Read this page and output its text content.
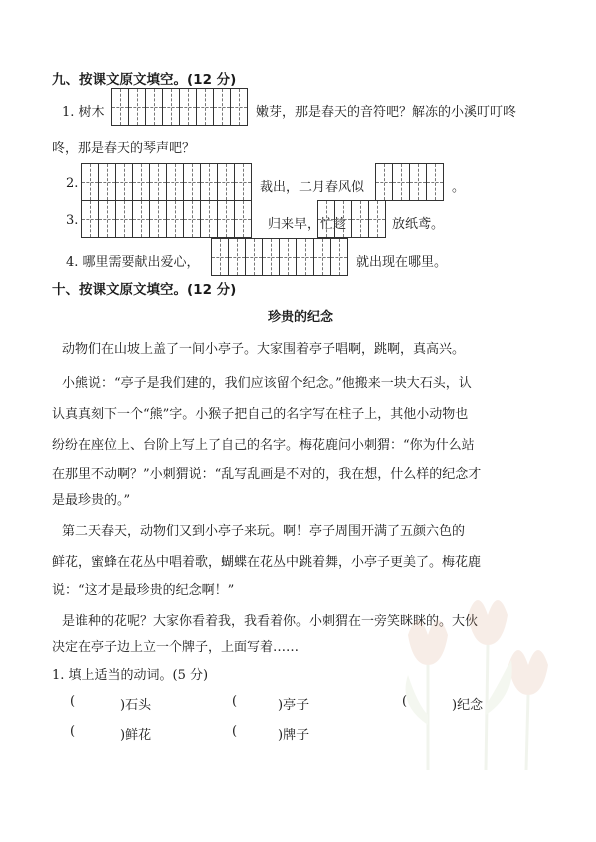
九、按课文原文填空。(12 分)
1. 树木	嫩芽，那是春天的音符吧？解冻的小溪叮叮咚
咚，那是春天的琴声吧？
2.	裁出，二月春风似	。
3.	归来早，忙趁	放纸鸢。
4. 哪里需要献出爱心，	就出现在哪里。
十、按课文原文填空。(12 分)
珍贵的纪念
动物们在山坡上盖了一间小亭子。大家围着亭子唱啊，跳啊，真高兴。
小熊说：“亭子是我们建的，我们应该留个纪念。”他搬来一块大石头，认
认真真刻下一个“熊”字。小猴子把自己的名字写在柱子上，其他小动物也
纷纷在座位上、台阶上写上了自己的名字。梅花鹿问小刺猬：“你为什么站
在那里不动啊？”小刺猬说：“乱写乱画是不对的，我在想，什么样的纪念才
是最珍贵的。”
第二天春天，动物们又到小亭子来玩。啊！亭子周围开满了五颜六色的
鲜花，蜜蜂在花丛中唱着歌，蝴蝶在花丛中跳着舞，小亭子更美了。梅花鹿
说：“这才是最珍贵的纪念啊！”
是谁种的花呢？大家你看着我，我看着你。小刺猬在一旁笑眯眯的。大伙
决定在亭子边上立一个牌子，上面写着……
1. 填上适当的动词。(5 分)
(	)石头	(	)亭子	(	)纪念
(	)鲜花	(	)牌子
